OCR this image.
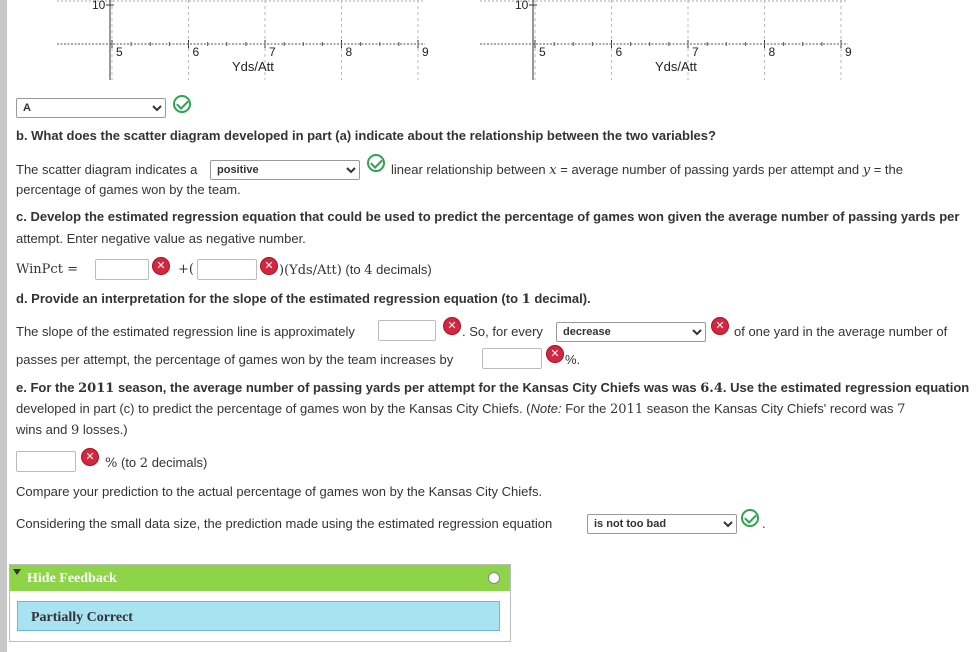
10
5	6	7	8	9
Yds/Att
10
5	6	7	8	9
Yds/Att
A
b. What does the scatter diagram developed in part (a) indicate about the relationship between the two variables?
The scatter diagram indicates a
positive	linear relationship between x = average number of passing yards per attempt and y = the
percentage of games won by the team.
c. Develop the estimated regression equation that could be used to predict the percentage of games won given the average number of passing yards per
attempt. Enter negative value as negative number.
WinPct =	✕ +(	✕ )(Yds/Att) (to 4 decimals)
d. Provide an interpretation for the slope of the estimated regression equation (to 1 decimal).
The slope of the estimated regression line is approximately	✕ . So, for every
decrease	✕ of one yard in the average number of
passes per attempt, the percentage of games won by the team increases by	✕ %.
e. For the 2011 season, the average number of passing yards per attempt for the Kansas City Chiefs was was 6.4. Use the estimated regression equation
developed in part (c) to predict the percentage of games won by the Kansas City Chiefs. (Note: For the 2011 season the Kansas City Chiefs' record was 7
wins and 9 losses.)
✕ % (to 2 decimals)
Compare your prediction to the actual percentage of games won by the Kansas City Chiefs.
Considering the small data size, the prediction made using the estimated regression equation
is not too bad	.
Hide Feedback
Partially Correct
